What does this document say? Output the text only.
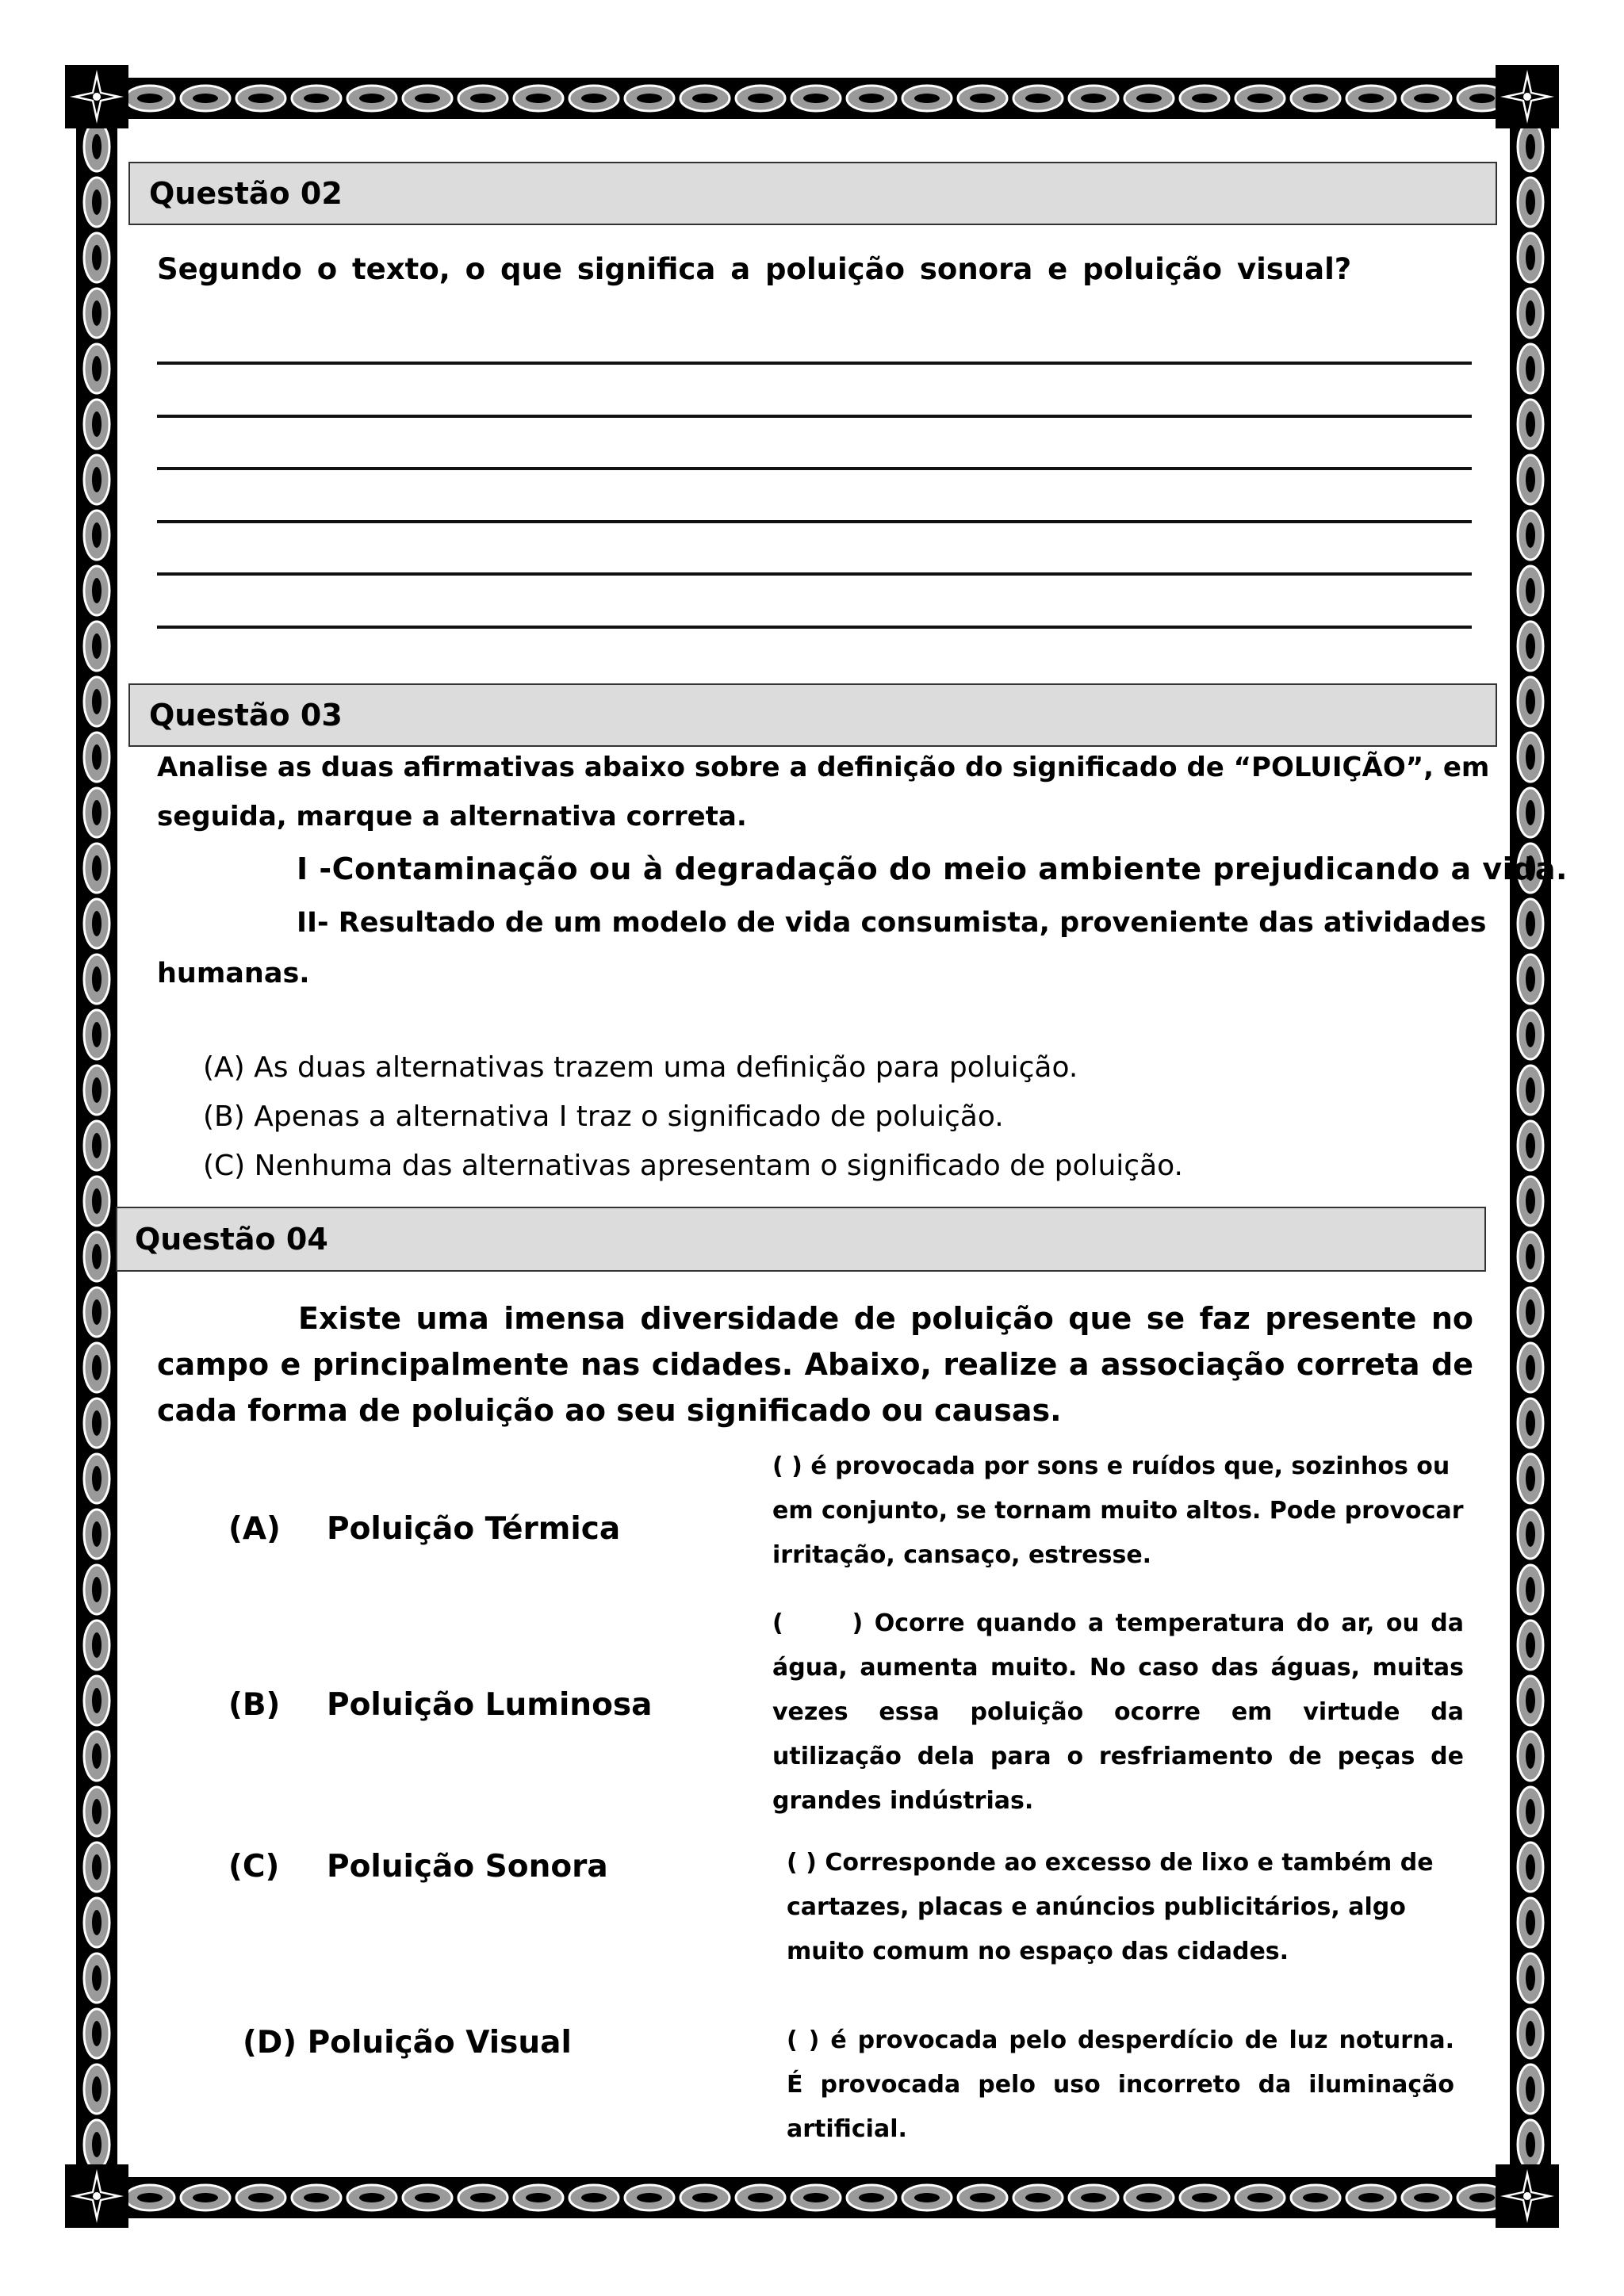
Questão 02
Segundo o texto, o que significa a poluição sonora e poluição visual?
Questão 03
Analise as duas afirmativas abaixo sobre a definição do significado de “POLUIÇÃO”, em
seguida, marque a alternativa correta.
I -Contaminação ou à degradação do meio ambiente prejudicando a vida.
II- Resultado de um modelo de vida consumista, proveniente das atividades
humanas.
(A) As duas alternativas trazem uma definição para poluição.
(B) Apenas a alternativa I traz o significado de poluição.
(C) Nenhuma das alternativas apresentam o significado de poluição.
Questão 04
Existe uma imensa diversidade de poluição que se faz presente no campo e principalmente nas cidades. Abaixo, realize a associação correta de cada forma de poluição ao seu significado ou causas.
(A) Poluição Térmica
(B) Poluição Luminosa
(C) Poluição Sonora
(D) Poluição Visual
( ) é provocada por sons e ruídos que, sozinhos ou em conjunto, se tornam muito altos. Pode provocar irritação, cansaço, estresse.
(      ) Ocorre quando a temperatura do ar, ou da água, aumenta muito. No caso das águas, muitas vezes essa poluição ocorre em virtude da utilização dela para o resfriamento de peças de grandes indústrias.
( ) Corresponde ao excesso de lixo e também de cartazes, placas e anúncios publicitários, algo muito comum no espaço das cidades.
( ) é provocada pelo desperdício de luz noturna. É provocada pelo uso incorreto da iluminação artificial.
